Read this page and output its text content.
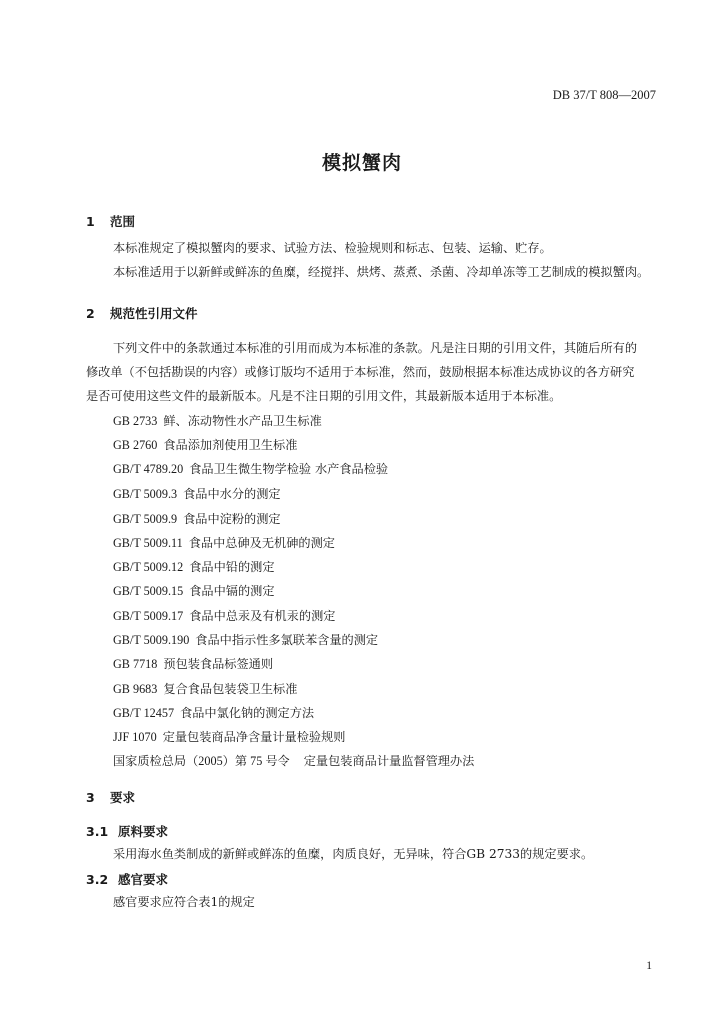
DB 37/T 808—2007
模拟蟹肉
1 范围
本标准规定了模拟蟹肉的要求、试验方法、检验规则和标志、包装、运输、贮存。
本标准适用于以新鲜或鲜冻的鱼糜，经搅拌、烘烤、蒸煮、杀菌、冷却单冻等工艺制成的模拟蟹肉。
2 规范性引用文件
下列文件中的条款通过本标准的引用而成为本标准的条款。凡是注日期的引用文件，其随后所有的
修改单（不包括勘误的内容）或修订版均不适用于本标准，然而，鼓励根据本标准达成协议的各方研究
是否可使用这些文件的最新版本。凡是不注日期的引用文件，其最新版本适用于本标准。
GB 2733 鲜、冻动物性水产品卫生标准
GB 2760 食品添加剂使用卫生标准
GB/T 4789.20 食品卫生微生物学检验 水产食品检验
GB/T 5009.3 食品中水分的测定
GB/T 5009.9 食品中淀粉的测定
GB/T 5009.11 食品中总砷及无机砷的测定
GB/T 5009.12 食品中铅的测定
GB/T 5009.15 食品中镉的测定
GB/T 5009.17 食品中总汞及有机汞的测定
GB/T 5009.190 食品中指示性多氯联苯含量的测定
GB 7718 预包装食品标签通则
GB 9683 复合食品包装袋卫生标准
GB/T 12457 食品中氯化钠的测定方法
JJF 1070 定量包装商品净含量计量检验规则
国家质检总局（2005）第 75 号令 定量包装商品计量监督管理办法
3 要求
3.1 原料要求
采用海水鱼类制成的新鲜或鲜冻的鱼糜，肉质良好，无异味，符合GB 2733的规定要求。
3.2 感官要求
感官要求应符合表1的规定
1
